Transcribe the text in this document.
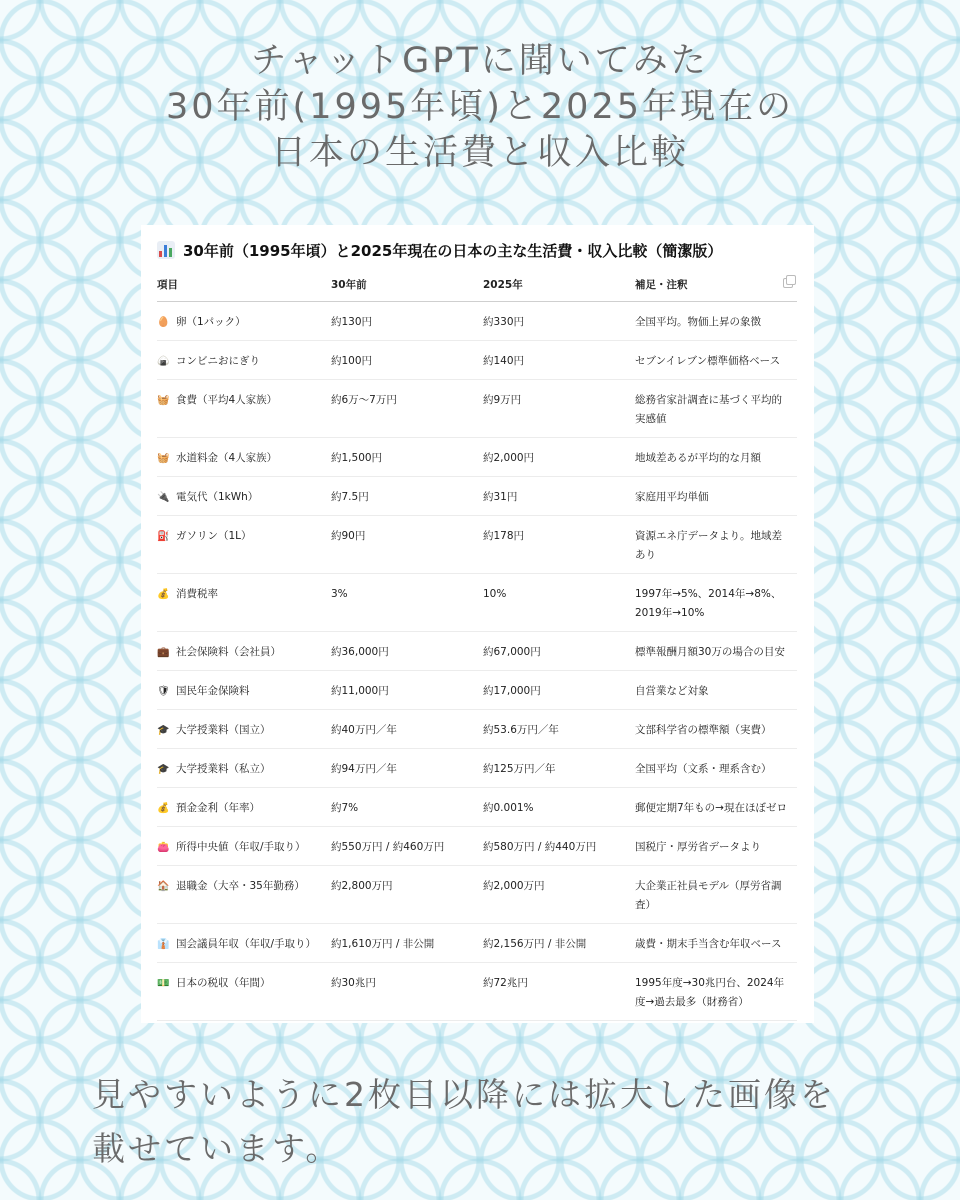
チャットGPTに聞いてみた
30年前(1995年頃)と2025年現在の
日本の生活費と収入比較
30年前（1995年頃）と2025年現在の日本の主な生活費・収入比較（簡潔版）
項目	30年前	2025年	補足・注釈

🥚 卵（1パック）	約130円	約330円	全国平均。物価上昇の象徴
🍙 コンビニおにぎり	約100円	約140円	セブンイレブン標準価格ベース
🧺 食費（平均4人家族）	約6万～7万円	約9万円	総務省家計調査に基づく平均的実感値
🧺 水道料金（4人家族）	約1,500円	約2,000円	地域差あるが平均的な月額
🔌 電気代（1kWh）	約7.5円	約31円	家庭用平均単価
⛽ ガソリン（1L）	約90円	約178円	資源エネ庁データより。地域差あり
💰 消費税率	3%	10%	1997年→5%、2014年→8%、2019年→10%
💼 社会保険料（会社員）	約36,000円	約67,000円	標準報酬月額30万の場合の目安
🛡 国民年金保険料	約11,000円	約17,000円	自営業など対象
🎓 大学授業料（国立）	約40万円／年	約53.6万円／年	文部科学省の標準額（実費）
🎓 大学授業料（私立）	約94万円／年	約125万円／年	全国平均（文系・理系含む）
💰 預金金利（年率）	約7%	約0.001%	郵便定期7年もの→現在ほぼゼロ
👛 所得中央値（年収/手取り）	約550万円 / 約460万円	約580万円 / 約440万円	国税庁・厚労省データより
🏠 退職金（大卒・35年勤務）	約2,800万円	約2,000万円	大企業正社員モデル（厚労省調査）
👔 国会議員年収（年収/手取り）	約1,610万円 / 非公開	約2,156万円 / 非公開	歳費・期末手当含む年収ベース
💵 日本の税収（年間）	約30兆円	約72兆円	1995年度→30兆円台、2024年度→過去最多（財務省）
見やすいように2枚目以降には拡大した画像を
載せています。
